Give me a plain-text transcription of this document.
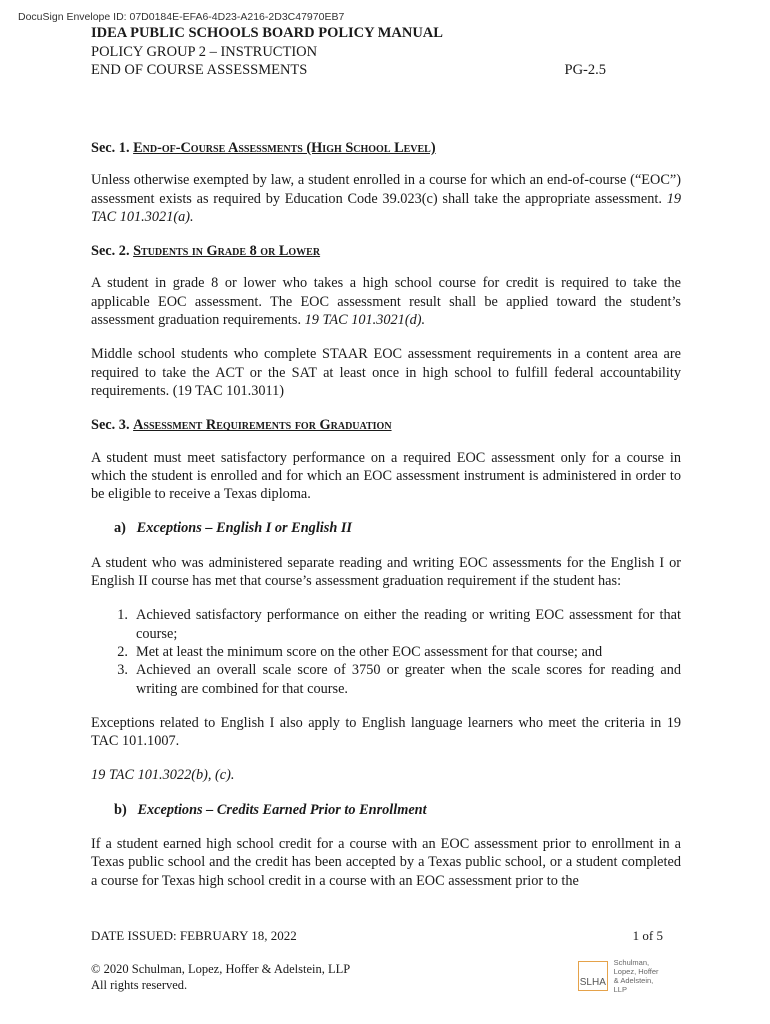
DocuSign Envelope ID: 07D0184E-EFA6-4D23-A216-2D3C47970EB7
IDEA PUBLIC SCHOOLS BOARD POLICY MANUAL
POLICY GROUP 2 – INSTRUCTION
END OF COURSE ASSESSMENTS	PG-2.5
Sec. 1. End-of-Course Assessments (High School Level)

Unless otherwise exempted by law, a student enrolled in a course for which an end-of-course (“EOC”) assessment exists as required by Education Code 39.023(c) shall take the appropriate assessment. 19 TAC 101.3021(a).

Sec. 2. Students in Grade 8 or Lower

A student in grade 8 or lower who takes a high school course for credit is required to take the applicable EOC assessment. The EOC assessment result shall be applied toward the student’s assessment graduation requirements. 19 TAC 101.3021(d).

Middle school students who complete STAAR EOC assessment requirements in a content area are required to take the ACT or the SAT at least once in high school to fulfill federal accountability requirements. (19 TAC 101.3011)

Sec. 3. Assessment Requirements for Graduation

A student must meet satisfactory performance on a required EOC assessment only for a course in which the student is enrolled and for which an EOC assessment instrument is administered in order to be eligible to receive a Texas diploma.

a) Exceptions – English I or English II

A student who was administered separate reading and writing EOC assessments for the English I or English II course has met that course’s assessment graduation requirement if the student has:

1. Achieved satisfactory performance on either the reading or writing EOC assessment for that course;
2. Met at least the minimum score on the other EOC assessment for that course; and
3. Achieved an overall scale score of 3750 or greater when the scale scores for reading and writing are combined for that course.

Exceptions related to English I also apply to English language learners who meet the criteria in 19 TAC 101.1007.

19 TAC 101.3022(b), (c).

b) Exceptions – Credits Earned Prior to Enrollment

If a student earned high school credit for a course with an EOC assessment prior to enrollment in a Texas public school and the credit has been accepted by a Texas public school, or a student completed a course for Texas high school credit in a course with an EOC assessment prior to the

DATE ISSUED: FEBRUARY 18, 2022	1 of 5
© 2020 Schulman, Lopez, Hoffer & Adelstein, LLP
All rights reserved.	SLHA
Schulman,
Lopez, Hoffer
& Adelstein, LLP
